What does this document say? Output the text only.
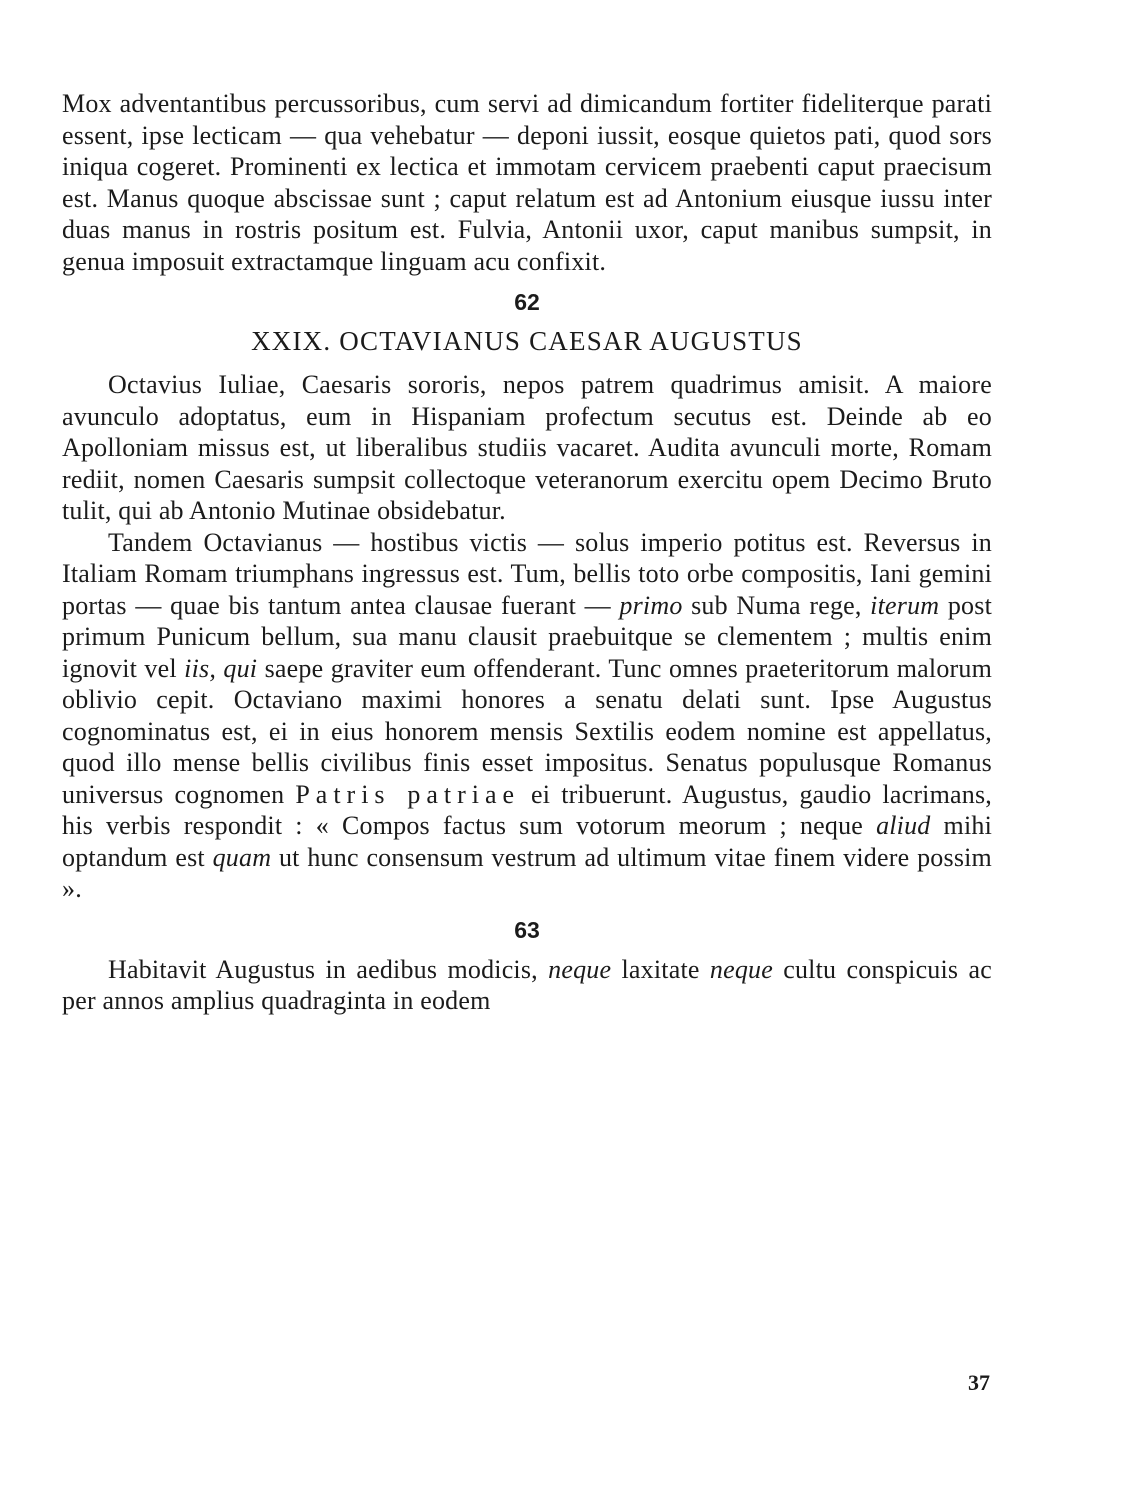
Mox adventantibus percussoribus, cum servi ad dimicandum fortiter fideliterque parati essent, ipse lecticam — qua vehebatur — deponi iussit, eosque quietos pati, quod sors iniqua cogeret. Prominenti ex lectica et immotam cervicem praebenti caput praecisum est. Manus quoque abscissae sunt ; caput relatum est ad Antonium eiusque iussu inter duas manus in rostris positum est. Fulvia, Antonii uxor, caput manibus sumpsit, in genua imposuit extractamque linguam acu confixit.

62
XXIX. OCTAVIANUS CAESAR AUGUSTUS

Octavius Iuliae, Caesaris sororis, nepos patrem quadrimus amisit. A maiore avunculo adoptatus, eum in Hispaniam profectum secutus est. Deinde ab eo Apolloniam missus est, ut liberalibus studiis vacaret. Audita avunculi morte, Romam rediit, nomen Caesaris sumpsit collectoque veteranorum exercitu opem Decimo Bruto tulit, qui ab Antonio Mutinae obsidebatur.

Tandem Octavianus — hostibus victis — solus imperio potitus est. Reversus in Italiam Romam triumphans ingressus est. Tum, bellis toto orbe compositis, Iani gemini portas — quae bis tantum antea clausae fuerant — primo sub Numa rege, iterum post primum Punicum bellum, sua manu clausit praebuitque se clementem ; multis enim ignovit vel iis, qui saepe graviter eum offenderant. Tunc omnes praeteritorum malorum oblivio cepit. Octaviano maximi honores a senatu delati sunt. Ipse Augustus cognominatus est, ei in eius honorem mensis Sextilis eodem nomine est appellatus, quod illo mense bellis civilibus finis esset impositus. Senatus populusque Romanus universus cognomen Patris patriae ei tribuerunt. Augustus, gaudio lacrimans, his verbis respondit : « Compos factus sum votorum meorum ; neque aliud mihi optandum est quam ut hunc consensum vestrum ad ultimum vitae finem videre possim ».

63

Habitavit Augustus in aedibus modicis, neque laxitate neque cultu conspicuis ac per annos amplius quadraginta in eodem

37
